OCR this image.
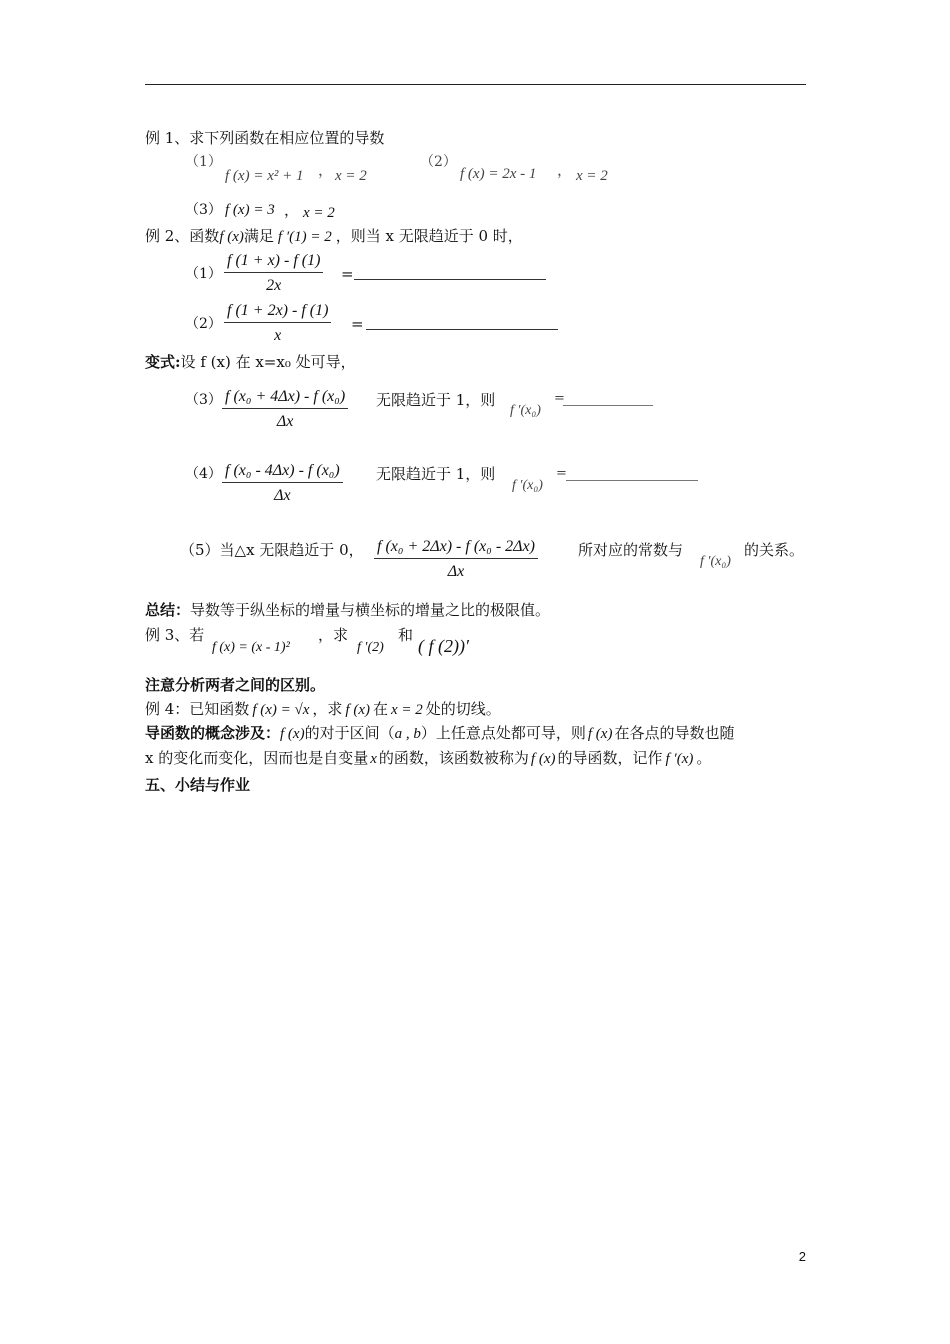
例 1、求下列函数在相应位置的导数
（1）
f (x) = x² + 1 ， x = 2
（2）
f (x) = 2x - 1 ， x = 2
（3） f (x) = 3 ， x = 2
例 2、函数f (x)满足 f ′(1) = 2 ，则当 x 无限趋近于 0 时，
$(1) \frac{f (1 + x) - f (1)}{2x}$ =
$(2) \frac{f (1 + 2x) - f (1)}{x}$ =
变式:设 f (x) 在 x=x₀ 处可导，
$(3) \frac{\text{f (x₀ + 4Δx) - f (x₀)}}{\Delta x}$ 无限趋近于 1，则
f ′(x₀)
=
$(4) \frac{\text{f (x₀ - 4Δx) - f (x₀)}}{\Delta x}$ 无限趋近于 1，则
f ′(x₀)
=
（5）当△x 无限趋近于 0， $\frac{\text{f (x₀ + 2Δx) - f (x₀ - 2Δx)}}{\Delta x}$	所对应的常数与
f ′(x₀)
的关系。
总结：导数等于纵坐标的增量与横坐标的增量之比的极限值。
例 3、若
f (x) = (x - 1)²
，求
f ′(2)
和
( f (2))′
注意分析两者之间的区别。
例 4：已知函数 f (x) = √x ，求 f (x) 在 x = 2 处的切线。
导函数的概念涉及：f (x)的对于区间（a , b）上任意点处都可导，则 f (x) 在各点的导数也随
x 的变化而变化，因而也是自变量 x 的函数，该函数被称为 f (x) 的导函数，记作 f ′(x) 。
五、小结与作业
2
